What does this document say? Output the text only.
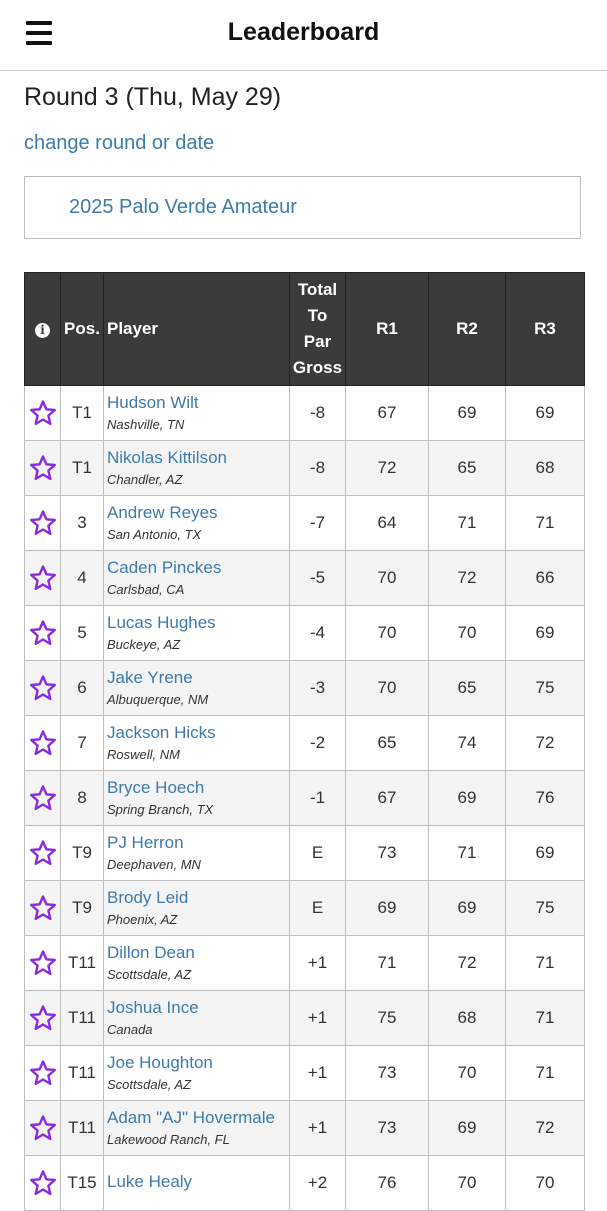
Leaderboard
Round 3 (Thu, May 29)
change round or date
2025 Palo Verde Amateur
i	Pos.	Player	Total
To
Par
Gross	R1	R2	R3
	T1	Hudson Wilt
Nashville, TN	-8	67	69	69
	T1	Nikolas Kittilson
Chandler, AZ	-8	72	65	68
	3	Andrew Reyes
San Antonio, TX	-7	64	71	71
	4	Caden Pinckes
Carlsbad, CA	-5	70	72	66
	5	Lucas Hughes
Buckeye, AZ	-4	70	70	69
	6	Jake Yrene
Albuquerque, NM	-3	70	65	75
	7	Jackson Hicks
Roswell, NM	-2	65	74	72
	8	Bryce Hoech
Spring Branch, TX	-1	67	69	76
	T9	PJ Herron
Deephaven, MN	E	73	71	69
	T9	Brody Leid
Phoenix, AZ	E	69	69	75
	T11	Dillon Dean
Scottsdale, AZ	+1	71	72	71
	T11	Joshua Ince
Canada	+1	75	68	71
	T11	Joe Houghton
Scottsdale, AZ	+1	73	70	71
	T11	Adam "AJ" Hovermale
Lakewood Ranch, FL	+1	73	69	72
	T15	Luke Healy	+2	76	70	70
